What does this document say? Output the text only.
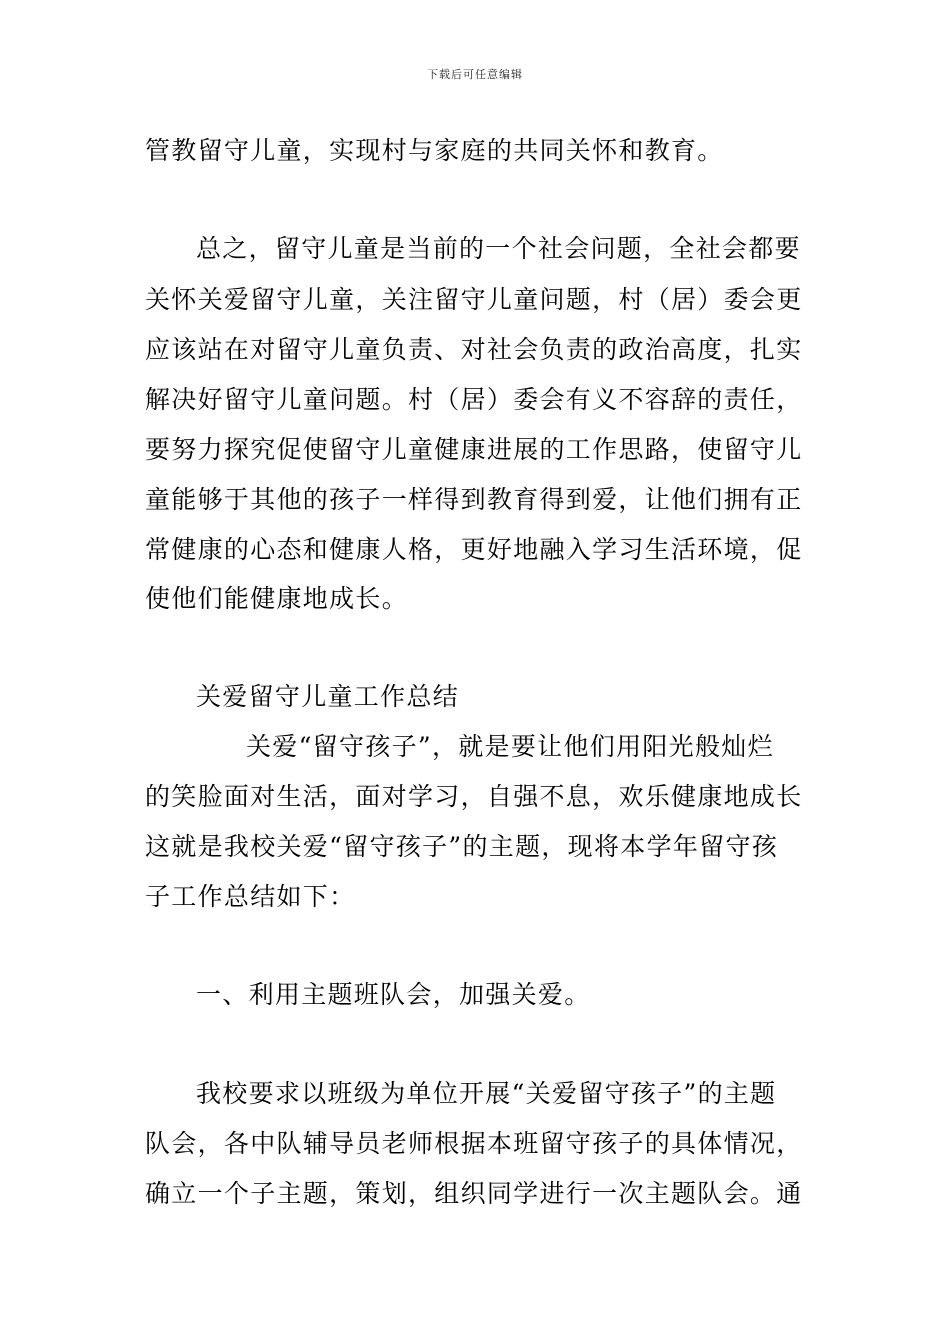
下载后可任意编辑
管教留守儿童，实现村与家庭的共同关怀和教育。
总之，留守儿童是当前的一个社会问题，全社会都要
关怀关爱留守儿童，关注留守儿童问题，村（居）委会更
应该站在对留守儿童负责、对社会负责的政治高度，扎实
解决好留守儿童问题。村（居）委会有义不容辞的责任，
要努力探究促使留守儿童健康进展的工作思路，使留守儿
童能够于其他的孩子一样得到教育得到爱，让他们拥有正
常健康的心态和健康人格，更好地融入学习生活环境，促
使他们能健康地成长。
关爱留守儿童工作总结
关爱“留守孩子”，就是要让他们用阳光般灿烂
的笑脸面对生活，面对学习，自强不息，欢乐健康地成长
这就是我校关爱“留守孩子”的主题，现将本学年留守孩
子工作总结如下：
一、利用主题班队会，加强关爱。
我校要求以班级为单位开展“关爱留守孩子”的主题
队会，各中队辅导员老师根据本班留守孩子的具体情况，
确立一个子主题，策划，组织同学进行一次主题队会。通
